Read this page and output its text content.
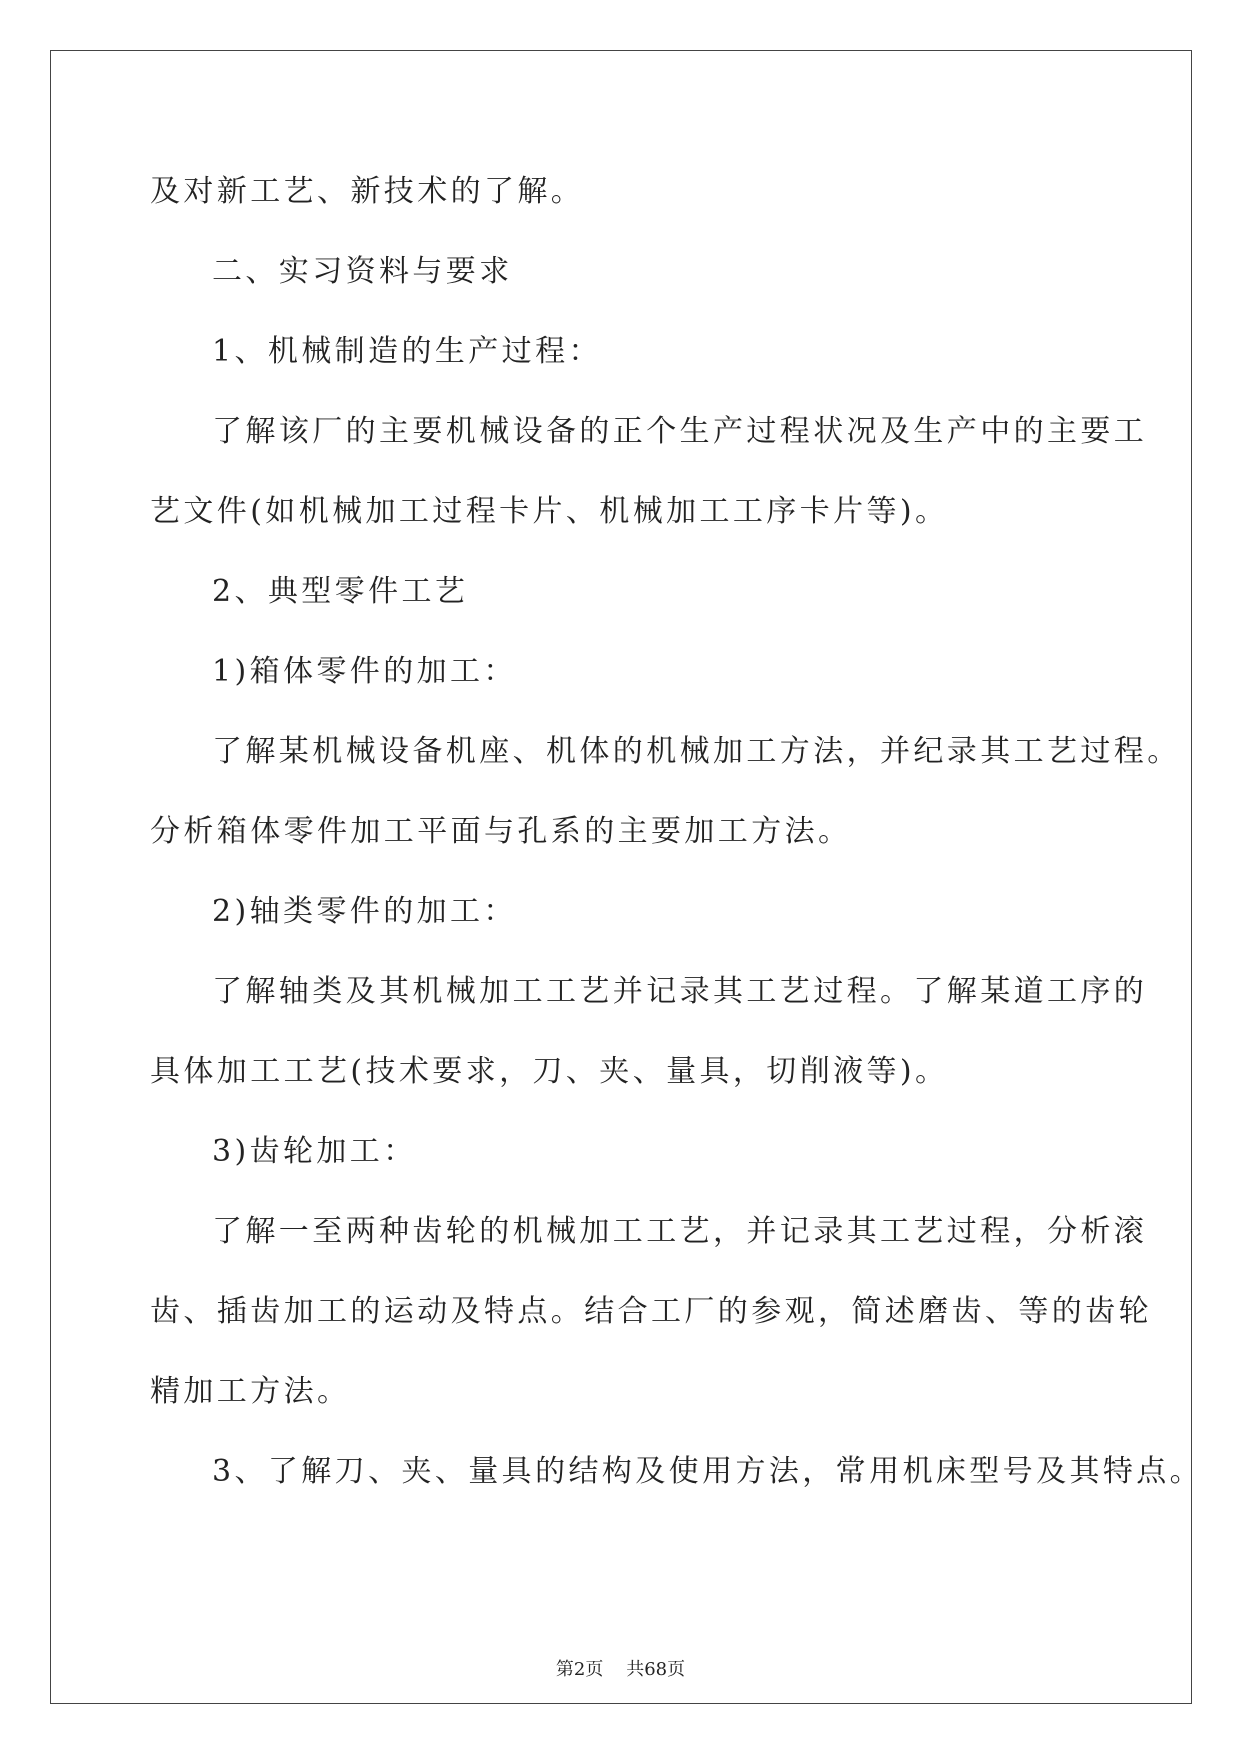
及对新工艺、新技术的了解。

二、实习资料与要求

1、机械制造的生产过程：

了解该厂的主要机械设备的正个生产过程状况及生产中的主要工

艺文件(如机械加工过程卡片、机械加工工序卡片等)。

2、典型零件工艺

1)箱体零件的加工：

了解某机械设备机座、机体的机械加工方法，并纪录其工艺过程。

分析箱体零件加工平面与孔系的主要加工方法。

2)轴类零件的加工：

了解轴类及其机械加工工艺并记录其工艺过程。了解某道工序的

具体加工工艺(技术要求，刀、夹、量具，切削液等)。

3)齿轮加工：

了解一至两种齿轮的机械加工工艺，并记录其工艺过程，分析滚

齿、插齿加工的运动及特点。结合工厂的参观，简述磨齿、等的齿轮

精加工方法。

3、了解刀、夹、量具的结构及使用方法，常用机床型号及其特点。

第2页 共68页
